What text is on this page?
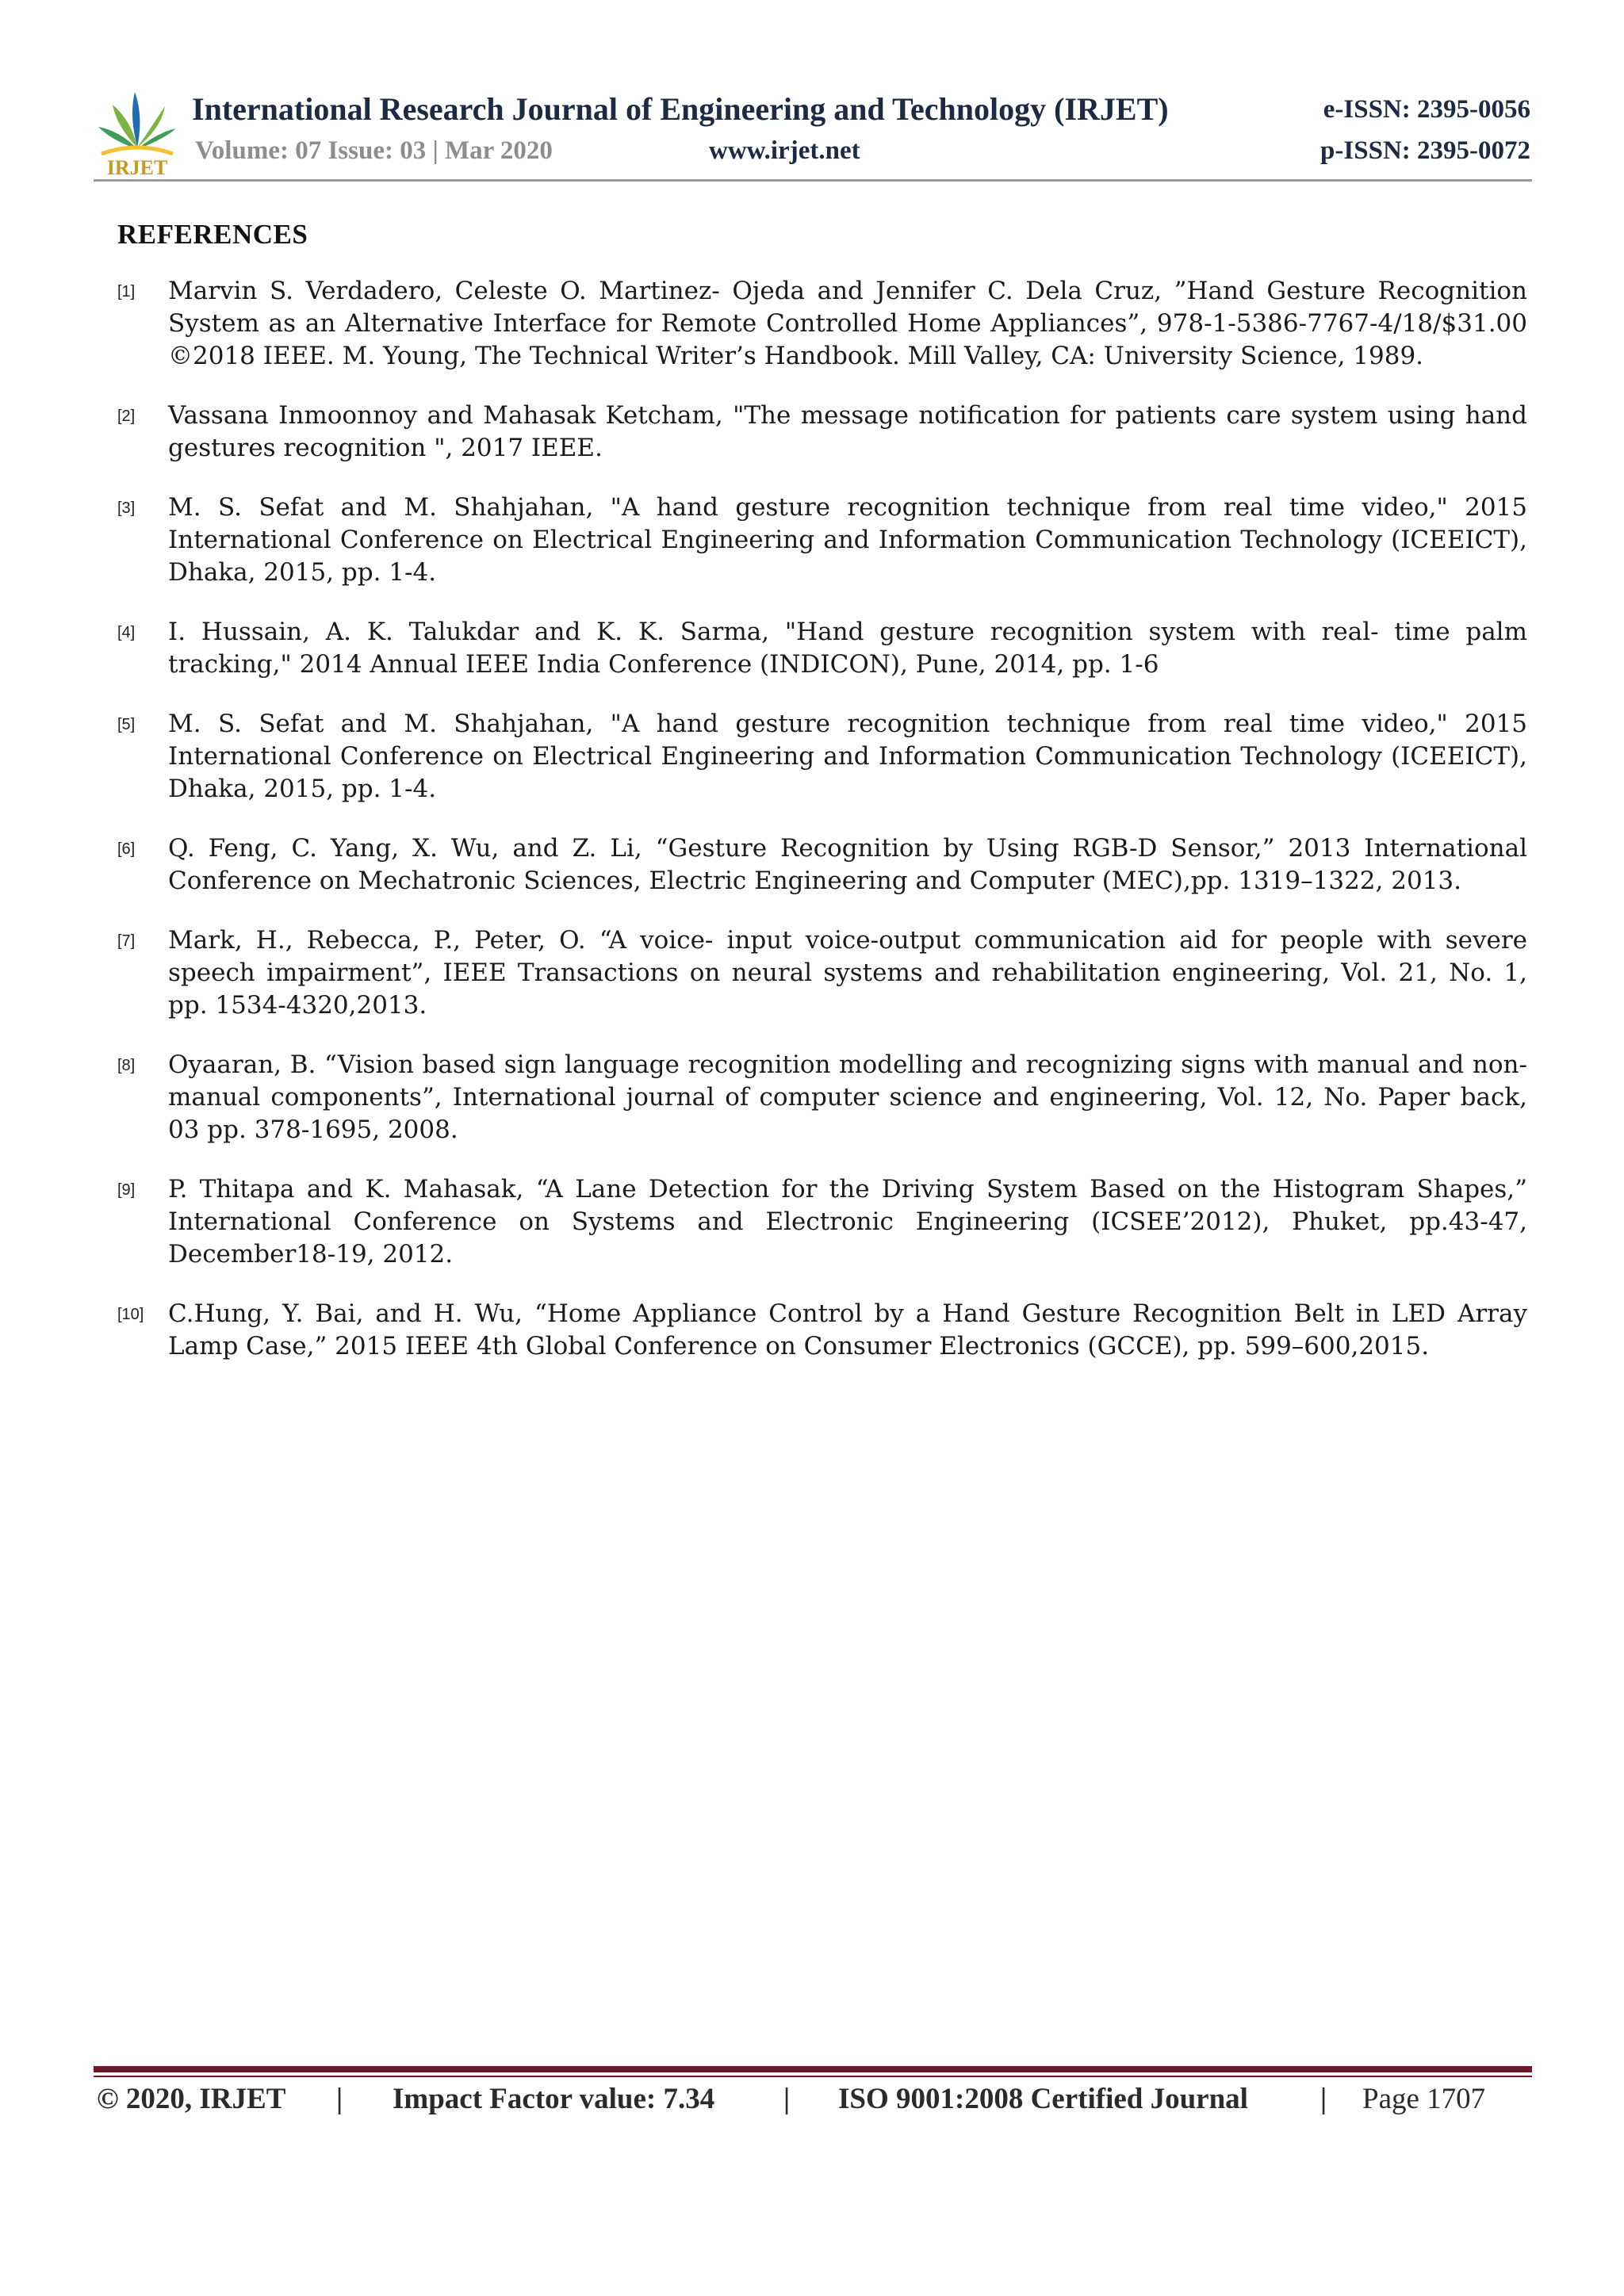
IRJET
International Research Journal of Engineering and Technology (IRJET)	e-ISSN: 2395-0056
Volume: 07 Issue: 03 | Mar 2020	www.irjet.net	p-ISSN: 2395-0072
REFERENCES
[1] Marvin S. Verdadero, Celeste O. Martinez- Ojeda and Jennifer C. Dela Cruz, ”Hand Gesture Recognition System as an Alternative Interface for Remote Controlled Home Appliances”, 978-1-5386-7767-4/18/$31.00 ©2018 IEEE. M. Young, The Technical Writer’s Handbook. Mill Valley, CA: University Science, 1989.
[2] Vassana Inmoonnoy and Mahasak Ketcham, "The message notification for patients care system using hand gestures recognition ", 2017 IEEE.
[3] M. S. Sefat and M. Shahjahan, "A hand gesture recognition technique from real time video," 2015 International Conference on Electrical Engineering and Information Communication Technology (ICEEICT), Dhaka, 2015, pp. 1-4.
[4] I. Hussain, A. K. Talukdar and K. K. Sarma, "Hand gesture recognition system with real- time palm tracking," 2014 Annual IEEE India Conference (INDICON), Pune, 2014, pp. 1-6
[5] M. S. Sefat and M. Shahjahan, "A hand gesture recognition technique from real time video," 2015 International Conference on Electrical Engineering and Information Communication Technology (ICEEICT), Dhaka, 2015, pp. 1-4.
[6] Q. Feng, C. Yang, X. Wu, and Z. Li, “Gesture Recognition by Using RGB-D Sensor,” 2013 International Conference on Mechatronic Sciences, Electric Engineering and Computer (MEC),pp. 1319–1322, 2013.
[7] Mark, H., Rebecca, P., Peter, O. “A voice- input voice-output communication aid for people with severe speech impairment”, IEEE Transactions on neural systems and rehabilitation engineering, Vol. 21, No. 1, pp. 1534-4320,2013.
[8] Oyaaran, B. “Vision based sign language recognition modelling and recognizing signs with manual and non-manual components”, International journal of computer science and engineering, Vol. 12, No. Paper back, 03 pp. 378-1695, 2008.
[9] P. Thitapa and K. Mahasak, “A Lane Detection for the Driving System Based on the Histogram Shapes,” International Conference on Systems and Electronic Engineering (ICSEE’2012), Phuket, pp.43-47, December18-19, 2012.
[10] C.Hung, Y. Bai, and H. Wu, “Home Appliance Control by a Hand Gesture Recognition Belt in LED Array Lamp Case,” 2015 IEEE 4th Global Conference on Consumer Electronics (GCCE), pp. 599–600,2015.
© 2020, IRJET | Impact Factor value: 7.34 | ISO 9001:2008 Certified Journal | Page 1707
